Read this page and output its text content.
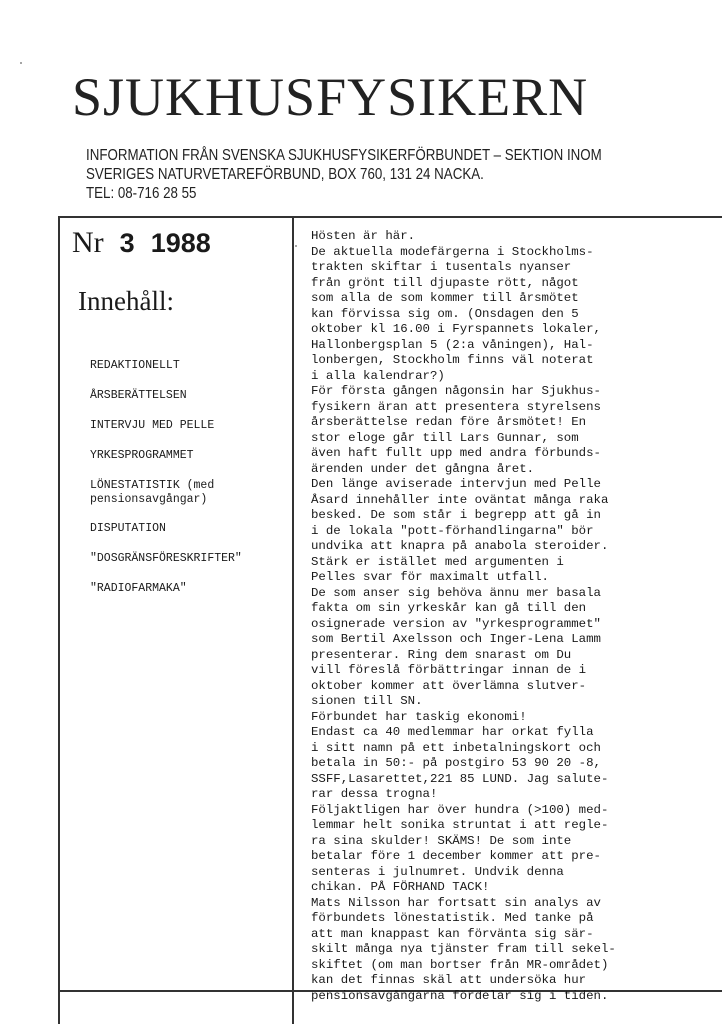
SJUKHUSFYSIKERN
INFORMATION FRÅN SVENSKA SJUKHUSFYSIKERFÖRBUNDET – SEKTION INOM
SVERIGES NATURVETAREFÖRBUND, BOX 760, 131 24 NACKA.
TEL: 08-716 28 55
Nr 3 1988
Innehåll:
REDAKTIONELLT
ÅRSBERÄTTELSEN
INTERVJU MED PELLE
YRKESPROGRAMMET
LÖNESTATISTIK (med
pensionsavgångar)
DISPUTATION
"DOSGRÄNSFÖRESKRIFTER"
"RADIOFARMAKA"
Hösten är här.
De aktuella modefärgerna i Stockholms-
trakten skiftar i tusentals nyanser
från grönt till djupaste rött, något
som alla de som kommer till årsmötet
kan förvissa sig om. (Onsdagen den 5
oktober kl 16.00 i Fyrspannets lokaler,
Hallonbergsplan 5 (2:a våningen), Hal-
lonbergen, Stockholm finns väl noterat
i alla kalendrar?)
För första gången någonsin har Sjukhus-
fysikern äran att presentera styrelsens
årsberättelse redan före årsmötet! En
stor eloge går till Lars Gunnar, som
även haft fullt upp med andra förbunds-
ärenden under det gångna året.
Den länge aviserade intervjun med Pelle
Åsard innehåller inte oväntat många raka
besked. De som står i begrepp att gå in
i de lokala "pott-förhandlingarna" bör
undvika att knapra på anabola steroider.
Stärk er istället med argumenten i
Pelles svar för maximalt utfall.
De som anser sig behöva ännu mer basala
fakta om sin yrkeskår kan gå till den
osignerade version av "yrkesprogrammet"
som Bertil Axelsson och Inger-Lena Lamm
presenterar. Ring dem snarast om Du
vill föreslå förbättringar innan de i
oktober kommer att överlämna slutver-
sionen till SN.
Förbundet har taskig ekonomi!
Endast ca 40 medlemmar har orkat fylla
i sitt namn på ett inbetalningskort och
betala in 50:- på postgiro 53 90 20 -8,
SSFF,Lasarettet,221 85 LUND. Jag salute-
rar dessa trogna!
Följaktligen har över hundra (>100) med-
lemmar helt sonika struntat i att regle-
ra sina skulder! SKÄMS! De som inte
betalar före 1 december kommer att pre-
senteras i julnumret. Undvik denna
chikan. PÅ FÖRHAND TACK!
Mats Nilsson har fortsatt sin analys av
förbundets lönestatistik. Med tanke på
att man knappast kan förvänta sig sär-
skilt många nya tjänster fram till sekel-
skiftet (om man bortser från MR-området)
kan det finnas skäl att undersöka hur
pensionsavgångarna fördelar sig i tiden.
